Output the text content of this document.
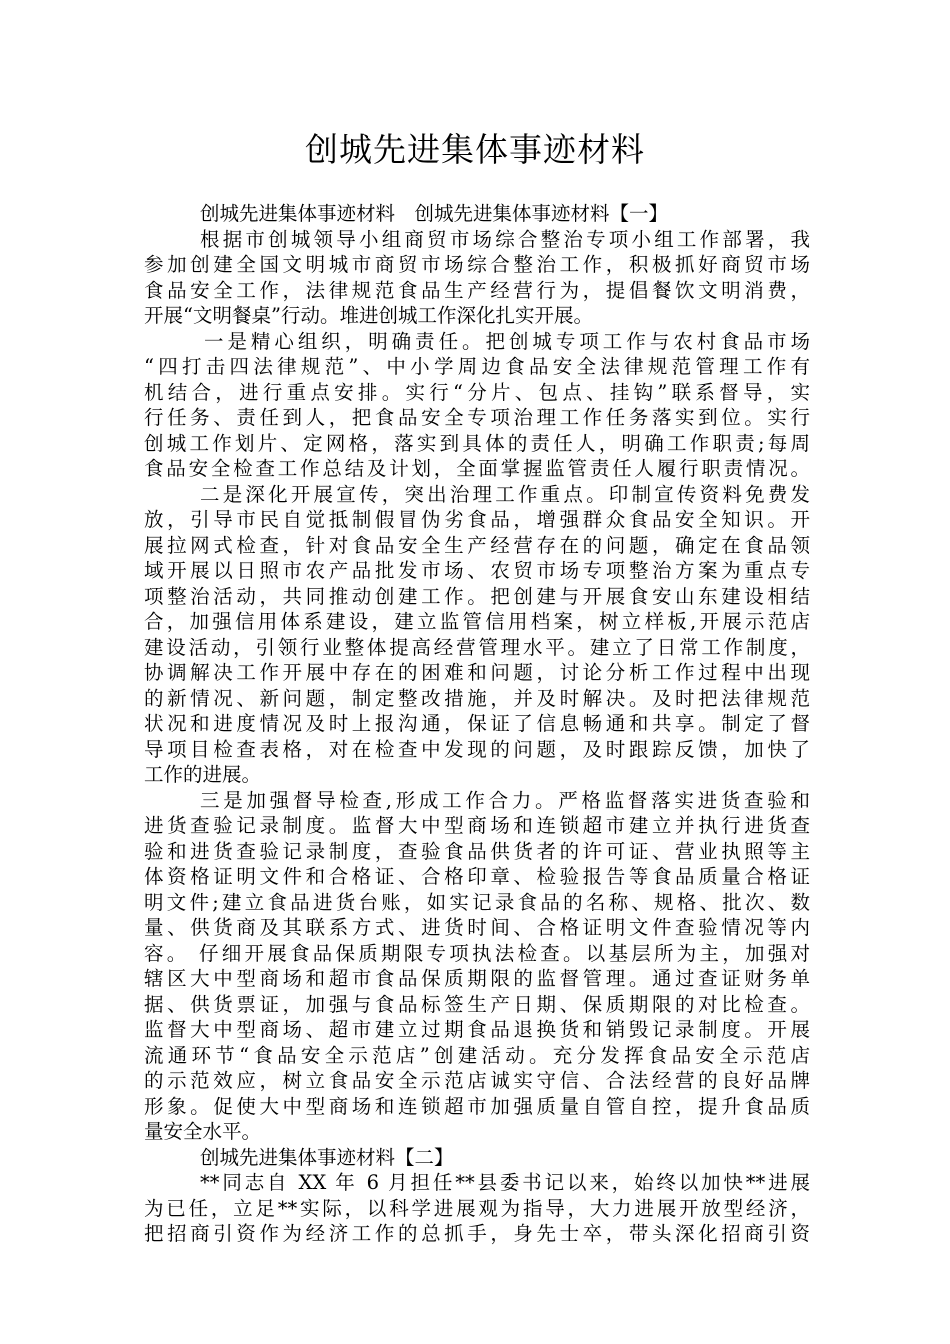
创城先进集体事迹材料
创城先进集体事迹材料　创城先进集体事迹材料【一】
根据市创城领导小组商贸市场综合整治专项小组工作部署，我
参加创建全国文明城市商贸市场综合整治工作，积极抓好商贸市场
食品安全工作，法律规范食品生产经营行为，提倡餐饮文明消费，
开展“文明餐桌”行动。堆进创城工作深化扎实开展。
一是精心组织，明确责任。把创城专项工作与农村食品市场
“四打击四法律规范”、中小学周边食品安全法律规范管理工作有
机结合，进行重点安排。实行“分片、包点、挂钩”联系督导，实
行任务、责任到人，把食品安全专项治理工作任务落实到位。实行
创城工作划片、定网格，落实到具体的责任人，明确工作职责;每周
食品安全检查工作总结及计划，全面掌握监管责任人履行职责情况。
二是深化开展宣传，突出治理工作重点。印制宣传资料免费发
放，引导市民自觉抵制假冒伪劣食品，增强群众食品安全知识。开
展拉网式检查，针对食品安全生产经营存在的问题，确定在食品领
域开展以日照市农产品批发市场、农贸市场专项整治方案为重点专
项整治活动，共同推动创建工作。把创建与开展食安山东建设相结
合，加强信用体系建设，建立监管信用档案，树立样板,开展示范店
建设活动，引领行业整体提高经营管理水平。建立了日常工作制度，
协调解决工作开展中存在的困难和问题，讨论分析工作过程中出现
的新情况、新问题，制定整改措施，并及时解决。及时把法律规范
状况和进度情况及时上报沟通，保证了信息畅通和共享。制定了督
导项目检查表格，对在检查中发现的问题，及时跟踪反馈，加快了
工作的进展。
三是加强督导检查,形成工作合力。严格监督落实进货查验和
进货查验记录制度。监督大中型商场和连锁超市建立并执行进货查
验和进货查验记录制度，查验食品供货者的许可证、营业执照等主
体资格证明文件和合格证、合格印章、检验报告等食品质量合格证
明文件;建立食品进货台账，如实记录食品的名称、规格、批次、数
量、供货商及其联系方式、进货时间、合格证明文件查验情况等内
容。 仔细开展食品保质期限专项执法检查。以基层所为主，加强对
辖区大中型商场和超市食品保质期限的监督管理。通过查证财务单
据、供货票证，加强与食品标签生产日期、保质期限的对比检查。
监督大中型商场、超市建立过期食品退换货和销毁记录制度。开展
流通环节“食品安全示范店”创建活动。充分发挥食品安全示范店
的示范效应，树立食品安全示范店诚实守信、合法经营的良好品牌
形象。促使大中型商场和连锁超市加强质量自管自控，提升食品质
量安全水平。
创城先进集体事迹材料【二】
**同志自 XX 年 6 月担任**县委书记以来，始终以加快**进展
为已任，立足**实际，以科学进展观为指导，大力进展开放型经济，
把招商引资作为经济工作的总抓手，身先士卒，带头深化招商引资
